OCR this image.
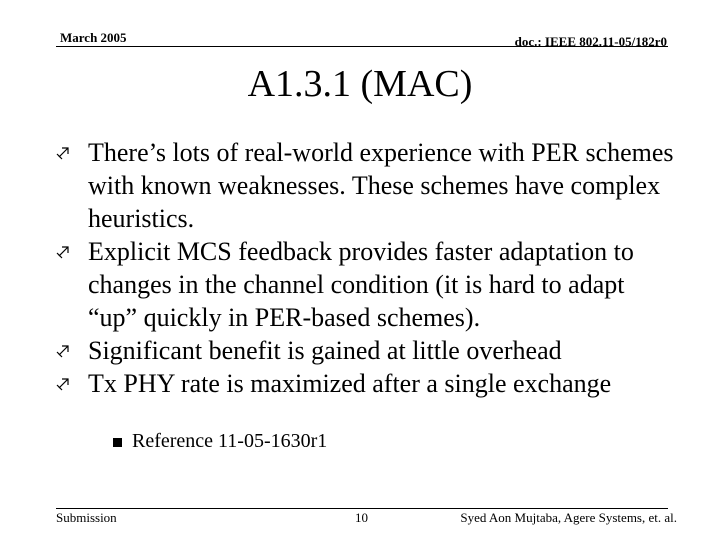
March 2005	doc.: IEEE 802.11-05/182r0
A1.3.1 (MAC)
There’s lots of real-world experience with PER schemes with known weaknesses. These schemes have complex heuristics.
Explicit MCS feedback provides faster adaptation to changes in the channel condition (it is hard to adapt “up” quickly in PER-based schemes).
Significant benefit is gained at little overhead
Tx PHY rate is maximized after a single exchange
Reference 11-05-1630r1
Submission	10	Syed Aon Mujtaba, Agere Systems, et. al.
